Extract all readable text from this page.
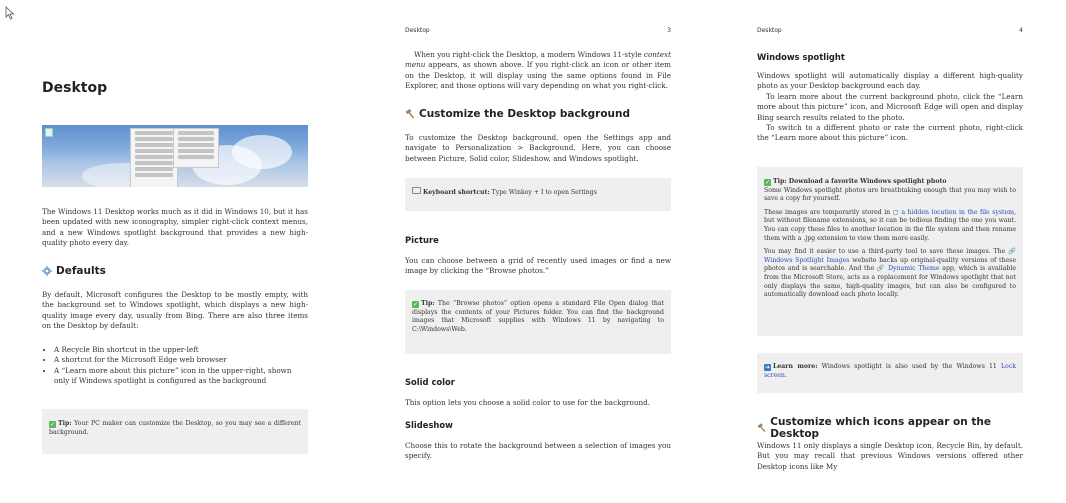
Desktop

The Windows 11 Desktop works much as it did in Windows 10, but it has been updated with new iconography, simpler right-click context menus, and a new Windows spotlight background that provides a new high-quality photo every day.

Defaults

By default, Microsoft configures the Desktop to be mostly empty, with the background set to Windows spotlight, which displays a new high-quality image every day, usually from Bing. There are also three items on the Desktop by default:

• A Recycle Bin shortcut in the upper-left
• A shortcut for the Microsoft Edge web browser
• A “Learn more about this picture” icon in the upper-right, shown only if Windows spotlight is configured as the background

✓ Tip: Your PC maker can customize the Desktop, so you may see a different background.

Desktop	3

When you right-click the Desktop, a modern Windows 11-style context menu appears, as shown above. If you right-click an icon or other item on the Desktop, it will display using the same options found in File Explorer, and those options will vary depending on what you right-click.

Customize the Desktop background

To customize the Desktop background, open the Settings app and navigate to Personalization > Background. Here, you can choose between Picture, Solid color, Slideshow, and Windows spotlight.

Keyboard shortcut: Type Winkey + I to open Settings

Picture

You can choose between a grid of recently used images or find a new image by clicking the “Browse photos.”

✓ Tip: The “Browse photos” option opens a standard File Open dialog that displays the contents of your Pictures folder. You can find the background images that Microsoft supplies with Windows 11 by navigating to C:\Windows\Web.

Solid color

This option lets you choose a solid color to use for the background.

Slideshow

Choose this to rotate the background between a selection of images you specify.

Desktop	4
Windows spotlight

Windows spotlight will automatically display a different high-quality photo as your Desktop background each day.

To learn more about the current background photo, click the “Learn more about this picture” icon, and Microsoft Edge will open and display Bing search results related to the photo.

To switch to a different photo or rate the current photo, right-click the “Learn more about this picture” icon.

✓ Tip: Download a favorite Windows spotlight photo

Some Windows spotlight photos are breathtaking enough that you may wish to save a copy for yourself.

These images are temporarily stored in ▢ a hidden location in the file system, but without filename extensions, so it can be tedious finding the one you want. You can copy these files to another location in the file system and then rename them with a .jpg extension to view them more easily.

You may find it easier to use a third-party tool to save these images. The 🔗 Windows Spotlight Images website backs up original-quality versions of these photos and is searchable. And the 🔗 Dynamic Theme app, which is available from the Microsoft Store, acts as a replacement for Windows spotlight that not only displays the same, high-quality images, but can also be configured to automatically download each photo locally.

➜ Learn more: Windows spotlight is also used by the Windows 11 Lock screen.

Customize which icons appear on the Desktop

Windows 11 only displays a single Desktop icon, Recycle Bin, by default. But you may recall that previous Windows versions offered other Desktop icons like My
